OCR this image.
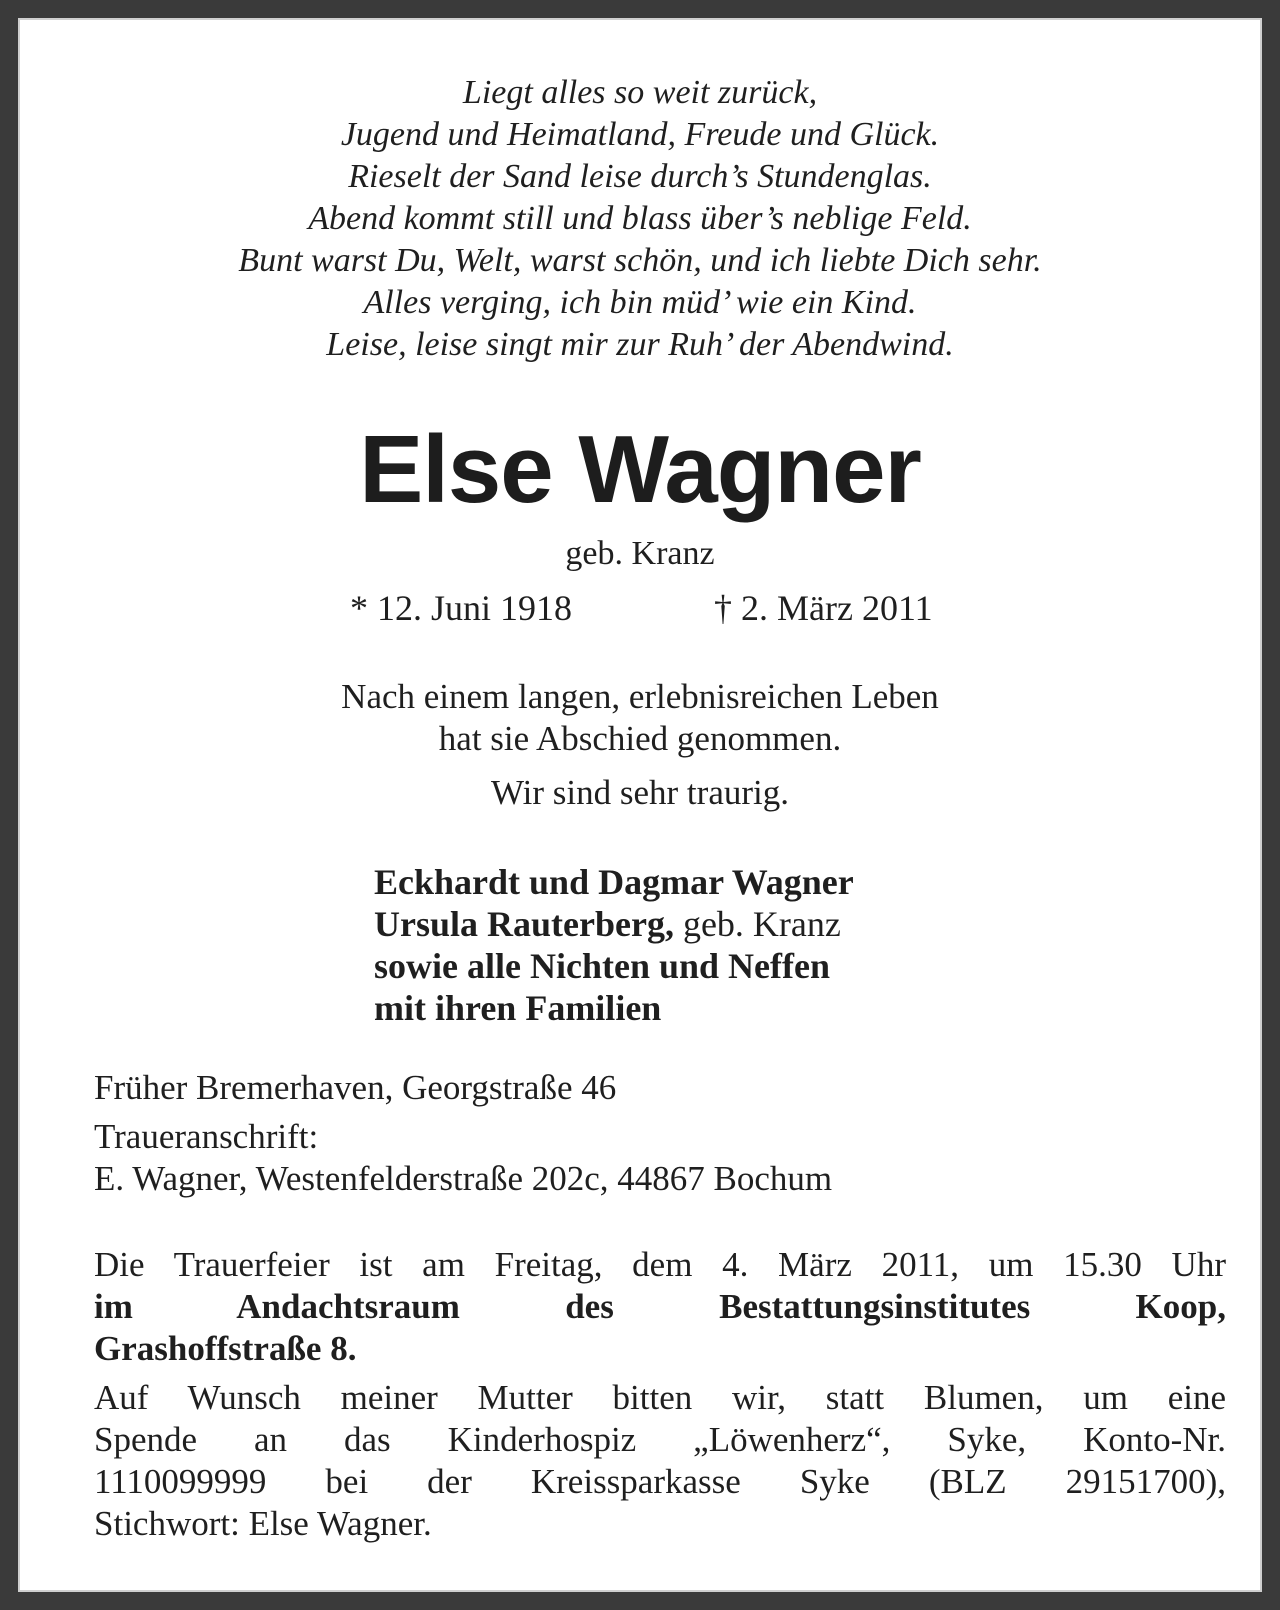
Liegt alles so weit zurück,
Jugend und Heimatland, Freude und Glück.
Rieselt der Sand leise durch’s Stundenglas.
Abend kommt still und blass über’s neblige Feld.
Bunt warst Du, Welt, warst schön, und ich liebte Dich sehr.
Alles verging, ich bin müd’ wie ein Kind.
Leise, leise singt mir zur Ruh’ der Abendwind.
Else Wagner
geb. Kranz
* 12. Juni 1918	† 2. März 2011
Nach einem langen, erlebnisreichen Leben
hat sie Abschied genommen.
Wir sind sehr traurig.
Eckhardt und Dagmar Wagner
Ursula Rauterberg, geb. Kranz
sowie alle Nichten und Neffen
mit ihren Familien
Früher Bremerhaven, Georgstraße 46
Traueranschrift:
E. Wagner, Westenfelderstraße 202c, 44867 Bochum
Die Trauerfeier ist am Freitag, dem 4. März 2011, um 15.30 Uhr
im Andachtsraum des Bestattungsinstitutes Koop,
Grashoffstraße 8.
Auf Wunsch meiner Mutter bitten wir, statt Blumen, um eine
Spende an das Kinderhospiz „Löwenherz“, Syke, Konto-Nr.
1110099999 bei der Kreissparkasse Syke (BLZ 29151700),
Stichwort: Else Wagner.
